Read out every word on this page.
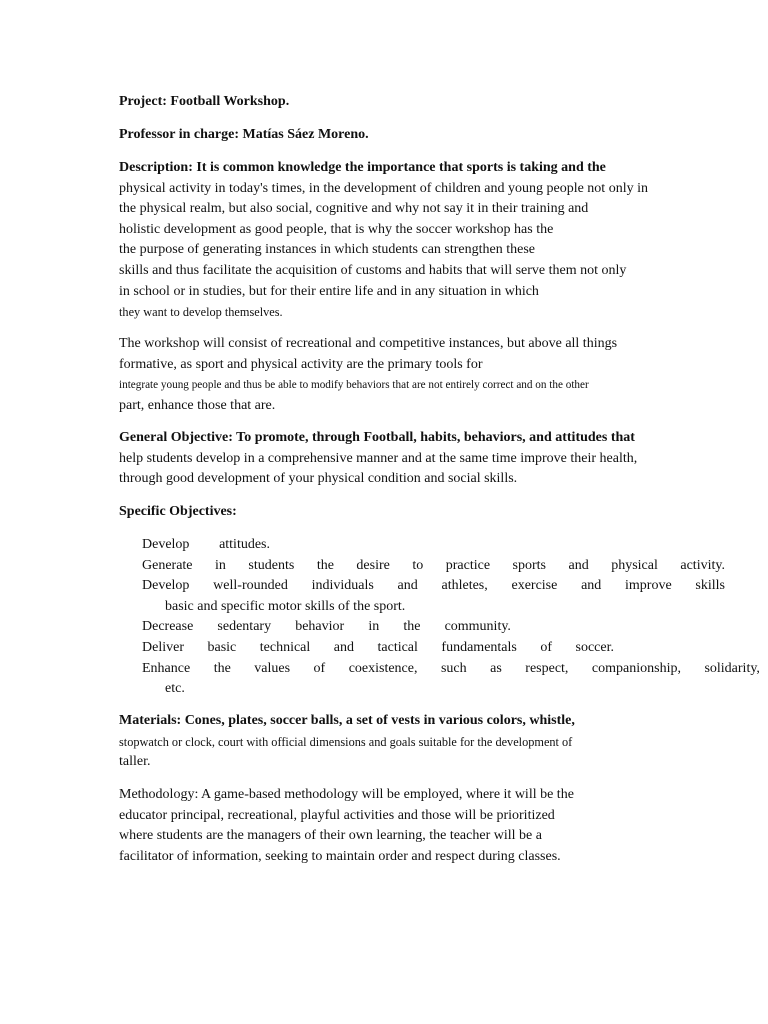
Project: Football Workshop.
Professor in charge: Matías Sáez Moreno.
Description: It is common knowledge the importance that sports is taking and the
physical activity in today's times, in the development of children and young people not only in
the physical realm, but also social, cognitive and why not say it in their training and
holistic development as good people, that is why the soccer workshop has the
the purpose of generating instances in which students can strengthen these
skills and thus facilitate the acquisition of customs and habits that will serve them not only
in school or in studies, but for their entire life and in any situation in which
they want to develop themselves.
The workshop will consist of recreational and competitive instances, but above all things
formative, as sport and physical activity are the primary tools for
integrate young people and thus be able to modify behaviors that are not entirely correct and on the other
part, enhance those that are.
General Objective: To promote, through Football, habits, behaviors, and attitudes that
help students develop in a comprehensive manner and at the same time improve their health,
through good development of your physical condition and social skills.
Specific Objectives:
Develop attitudes.
Generate in students the desire to practice sports and physical activity.
Develop well-rounded individuals and athletes, exercise and improve skills
basic and specific motor skills of the sport.
Decrease sedentary behavior in the community.
Deliver basic technical and tactical fundamentals of soccer.
Enhance the values of coexistence, such as respect, companionship, solidarity,
etc.
Materials: Cones, plates, soccer balls, a set of vests in various colors, whistle,
stopwatch or clock, court with official dimensions and goals suitable for the development of
taller.
Methodology: A game-based methodology will be employed, where it will be the
educator principal, recreational, playful activities and those will be prioritized
where students are the managers of their own learning, the teacher will be a
facilitator of information, seeking to maintain order and respect during classes.
